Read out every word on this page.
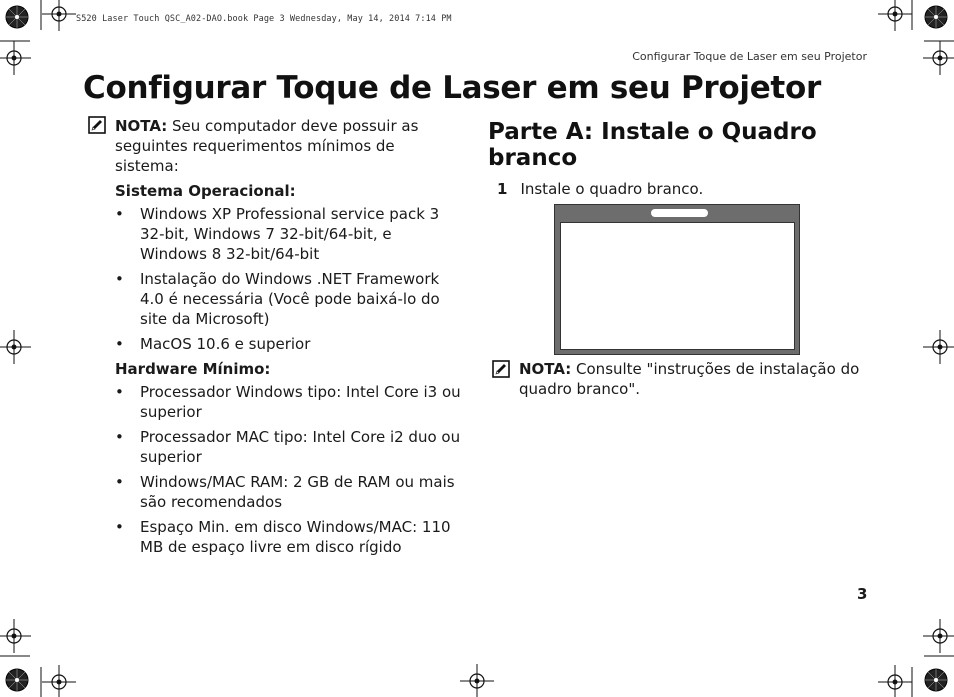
S520 Laser Touch QSC_A02-DAO.book Page 3 Wednesday, May 14, 2014 7:14 PM
Configurar Toque de Laser em seu Projetor
Configurar Toque de Laser em seu Projetor
NOTA: Seu computador deve possuir as seguintes requerimentos mínimos de sistema:
Sistema Operacional:
• Windows XP Professional service pack 3 32-bit, Windows 7 32-bit/64-bit, e Windows 8 32-bit/64-bit
• Instalação do Windows .NET Framework 4.0 é necessária (Você pode baixá-lo do site da Microsoft)
• MacOS 10.6 e superior
Hardware Mínimo:
• Processador Windows tipo: Intel Core i3 ou superior
• Processador MAC tipo: Intel Core i2 duo ou superior
• Windows/MAC RAM: 2 GB de RAM ou mais são recomendados
• Espaço Min. em disco Windows/MAC: 110 MB de espaço livre em disco rígido
Parte A: Instale o Quadro branco
1 Instale o quadro branco.
NOTA: Consulte "instruções de instalação do quadro branco".
3
